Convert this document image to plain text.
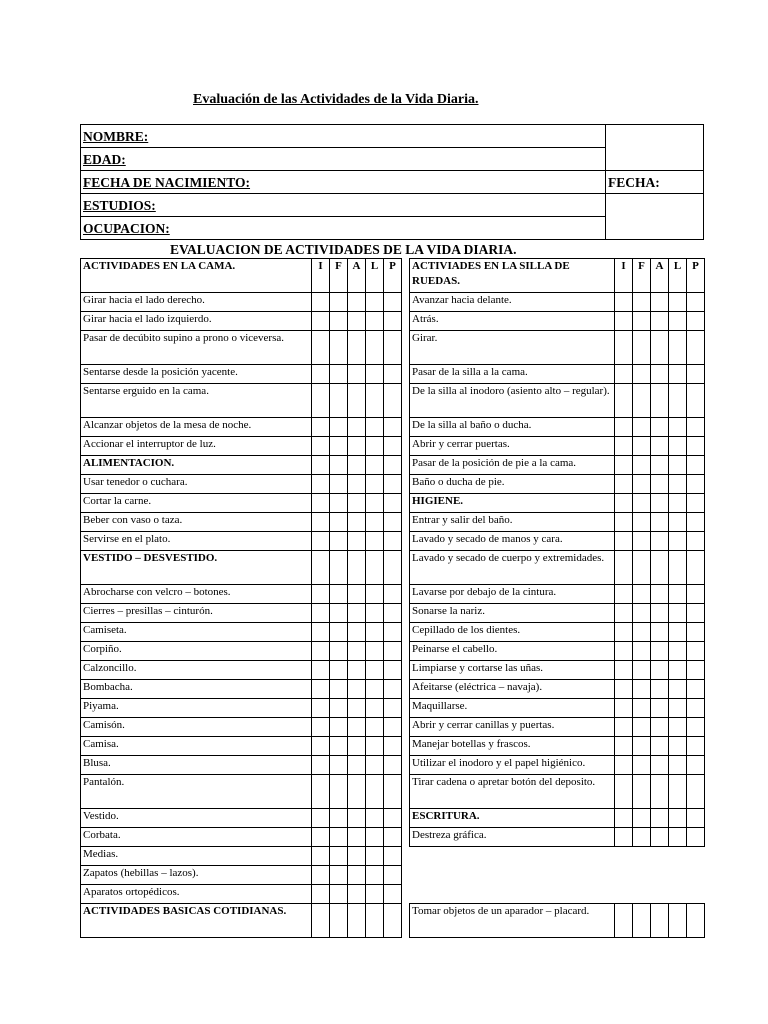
Evaluación de las Actividades de la Vida Diaria.
NOMBRE:	
EDAD:	
FECHA DE NACIMIENTO:	FECHA:
ESTUDIOS:	
OCUPACION:	
EVALUACION DE ACTIVIDADES DE LA VIDA DIARIA.
ACTIVIDADES EN LA CAMA.	I	F	A	L	P
Girar hacia el lado derecho.					
Girar hacia el lado izquierdo.					
Pasar de decúbito supino a prono o viceversa.					
Sentarse desde la posición yacente.					
Sentarse erguido en la cama.					
Alcanzar objetos de la mesa de noche.					
Accionar el interruptor de luz.					
ALIMENTACION.					
Usar tenedor o cuchara.					
Cortar la carne.					
Beber con vaso o taza.					
Servirse en el plato.					
VESTIDO – DESVESTIDO.					
Abrocharse con velcro – botones.					
Cierres – presillas – cinturón.					
Camiseta.					
Corpiño.					
Calzoncillo.					
Bombacha.					
Piyama.					
Camisón.					
Camisa.					
Blusa.					
Pantalón.					
Vestido.					
Corbata.					
Medias.					
Zapatos (hebillas – lazos).					
Aparatos ortopédicos.					
ACTIVIDADES BASICAS COTIDIANAS.					
ACTIVIADES EN LA SILLA DE RUEDAS.	I	F	A	L	P
Avanzar hacia delante.					
Atrás.					
Girar.					
Pasar de la silla a la cama.					
De la silla al inodoro (asiento alto – regular).					
De la silla al baño o ducha.					
Abrir y cerrar puertas.					
Pasar de la posición de pie a la cama.					
Baño o ducha de pie.					
HIGIENE.					
Entrar y salir del baño.					
Lavado y secado de manos y cara.					
Lavado y secado de cuerpo y extremidades.					
Lavarse por debajo de la cintura.					
Sonarse la nariz.					
Cepillado de los dientes.					
Peinarse el cabello.					
Limpiarse y cortarse las uñas.					
Afeitarse (eléctrica – navaja).					
Maquillarse.					
Abrir y cerrar canillas y puertas.					
Manejar botellas y frascos.					
Utilizar el inodoro y el papel higiénico.					
Tirar cadena o apretar botón del deposito.					
ESCRITURA.					
Destreza gráfica.					

Tomar objetos de un aparador – placard.					
